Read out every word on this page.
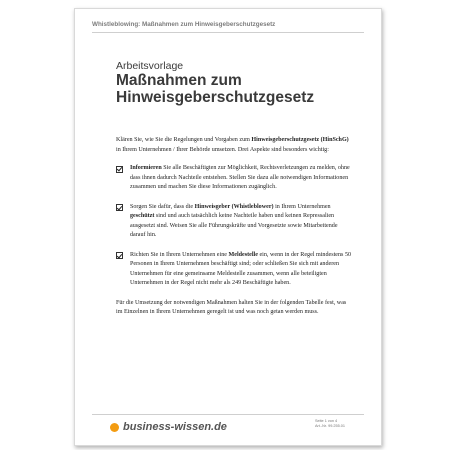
Whistleblowing: Maßnahmen zum Hinweisgeberschutzgesetz
Arbeitsvorlage
Maßnahmen zum
Hinweisgeberschutzgesetz

Klären Sie, wie Sie die Regelungen und Vorgaben zum Hinweisgeberschutzgesetz (HinSchG) in Ihrem Unternehmen / Ihrer Behörde umsetzen. Drei Aspekte sind besonders wichtig:

Informieren Sie alle Beschäftigten zur Möglichkeit, Rechtsverletzungen zu melden, ohne dass ihnen dadurch Nachteile entstehen. Stellen Sie dazu alle notwendigen Informationen zusammen und machen Sie diese Informationen zugänglich.
Sorgen Sie dafür, dass die Hinweisgeber (Whistleblower) in Ihrem Unternehmen geschützt sind und auch tatsächlich keine Nachteile haben und keinen Repressalien ausgesetzt sind. Weisen Sie alle Führungskräfte und Vorgesetzte sowie Mitarbeitende darauf hin.
Richten Sie in Ihrem Unternehmen eine Meldestelle ein, wenn in der Regel mindestens 50 Personen in Ihrem Unternehmen beschäftigt sind; oder schließen Sie sich mit anderen Unternehmen für eine gemeinsame Meldestelle zusammen, wenn alle beteiligten Unternehmen in der Regel nicht mehr als 249 Beschäftigte haben.

Für die Umsetzung der notwendigen Maßnahmen halten Sie in der folgenden Tabelle fest, was im Einzelnen in Ihrem Unternehmen geregelt ist und was noch getan werden muss.

business-wissen.de	Seite 1 von 4
Art.-Nr. 99.255.01
